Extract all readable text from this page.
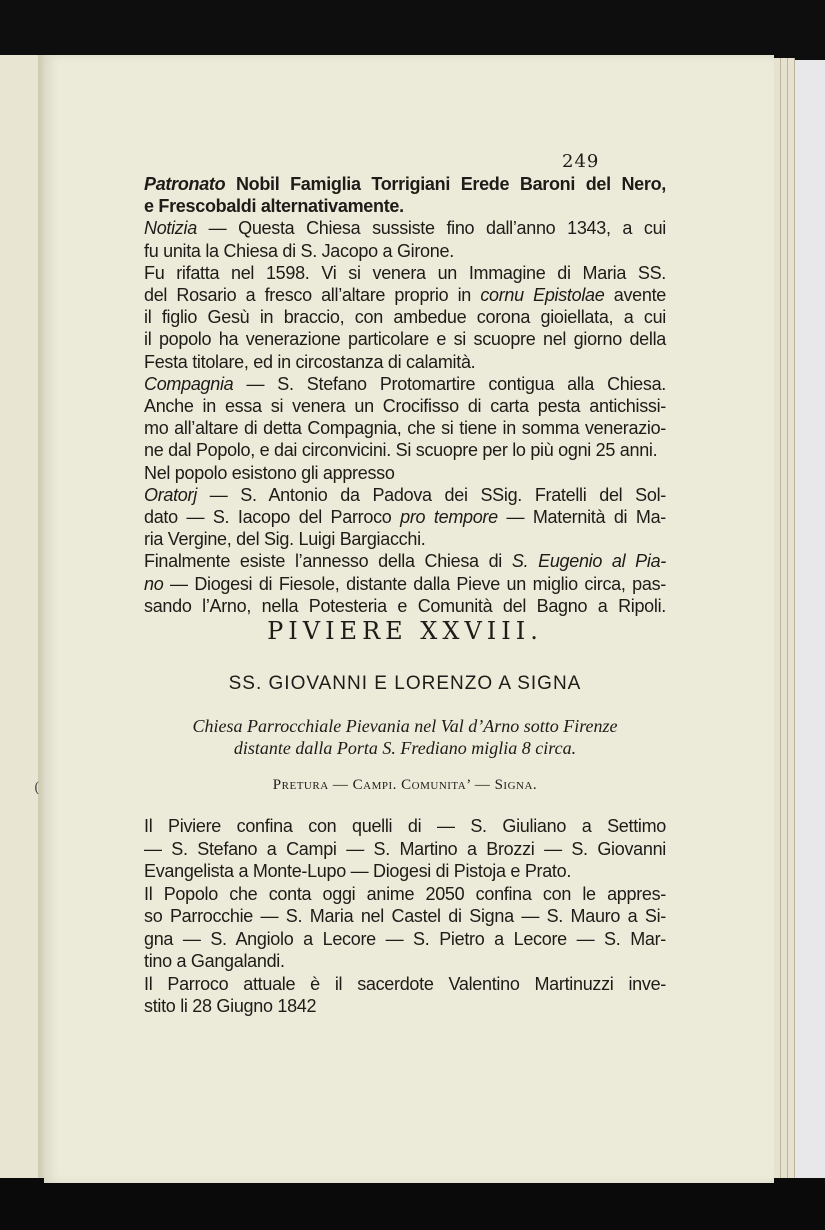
249
Patronato Nobil Famiglia Torrigiani Erede Baroni del Nero,
e Frescobaldi alternativamente.
Notizia — Questa Chiesa sussiste fino dall’anno 1343, a cui
fu unita la Chiesa di S. Jacopo a Girone.
Fu rifatta nel 1598. Vi si venera un Immagine di Maria SS.
del Rosario a fresco all’altare proprio in cornu Epistolae avente
il figlio Gesù in braccio, con ambedue corona gioiellata, a cui
il popolo ha venerazione particolare e si scuopre nel giorno della
Festa titolare, ed in circostanza di calamità.
Compagnia — S. Stefano Protomartire contigua alla Chiesa.
Anche in essa si venera un Crocifisso di carta pesta antichissi-
mo all’altare di detta Compagnia, che si tiene in somma venerazio-
ne dal Popolo, e dai circonvicini. Si scuopre per lo più ogni 25 anni.
Nel popolo esistono gli appresso
Oratorj — S. Antonio da Padova dei SSig. Fratelli del Sol-
dato — S. Iacopo del Parroco pro tempore — Maternità di Ma-
ria Vergine, del Sig. Luigi Bargiacchi.
Finalmente esiste l’annesso della Chiesa di S. Eugenio al Pia-
no — Diogesi di Fiesole, distante dalla Pieve un miglio circa, pas-
sando l’Arno, nella Potesteria e Comunità del Bagno a Ripoli.
PIVIERE XXVIII.
SS. GIOVANNI E LORENZO A SIGNA
Chiesa Parrocchiale Pievania nel Val d’Arno sotto Firenze
distante dalla Porta S. Frediano miglia 8 circa.
Pretura — Campi. Comunita’ — Signa.
Il Piviere confina con quelli di — S. Giuliano a Settimo
— S. Stefano a Campi — S. Martino a Brozzi — S. Giovanni
Evangelista a Monte-Lupo — Diogesi di Pistoja e Prato.
Il Popolo che conta oggi anime 2050 confina con le appres-
so Parrocchie — S. Maria nel Castel di Signa — S. Mauro a Si-
gna — S. Angiolo a Lecore — S. Pietro a Lecore — S. Mar-
tino a Gangalandi.
Il Parroco attuale è il sacerdote Valentino Martinuzzi inve-
stito li 28 Giugno 1842
(
